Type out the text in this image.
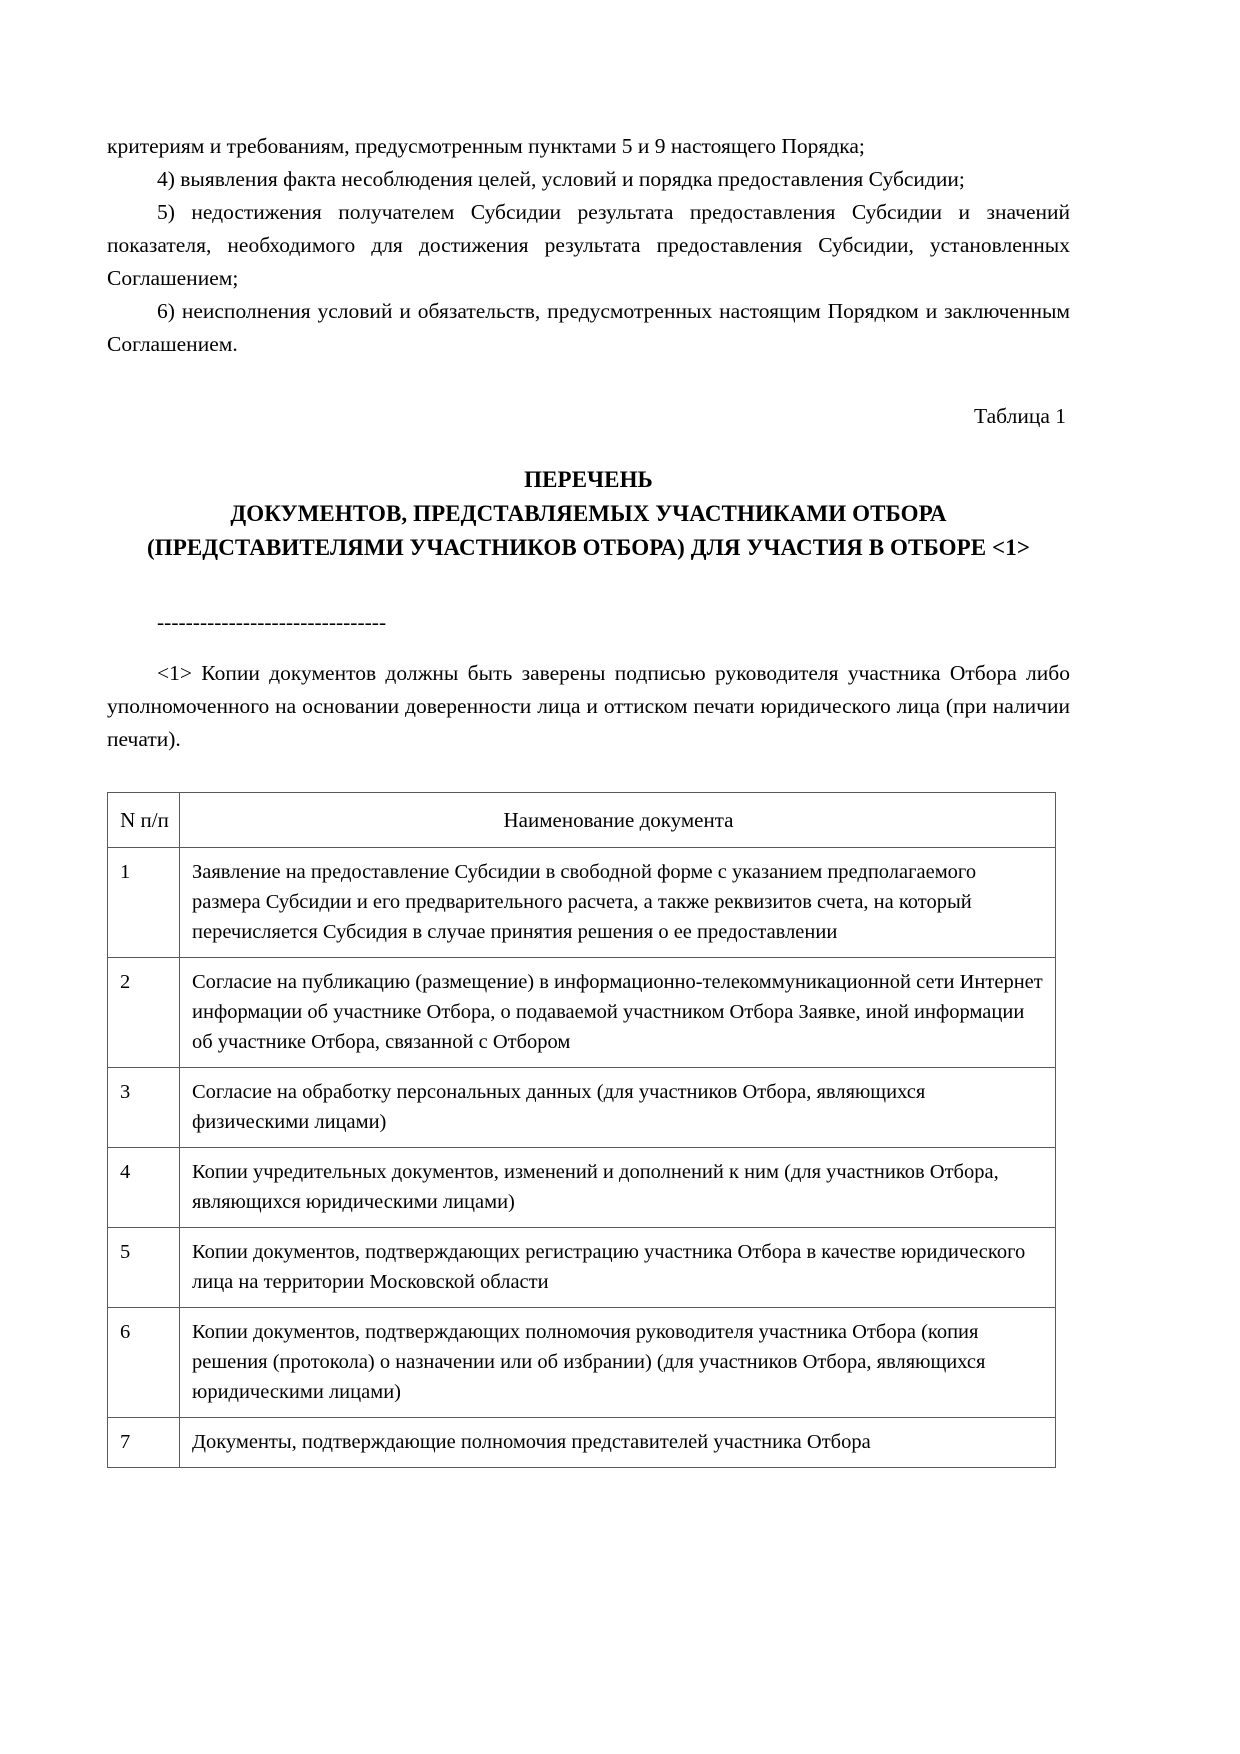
критериям и требованиям, предусмотренным пунктами 5 и 9 настоящего Порядка;

4) выявления факта несоблюдения целей, условий и порядка предоставления Субсидии;

5) недостижения получателем Субсидии результата предоставления Субсидии и значений показателя, необходимого для достижения результата предоставления Субсидии, установленных Соглашением;

6) неисполнения условий и обязательств, предусмотренных настоящим Порядком и заключенным Соглашением.

Таблица 1
ПЕРЕЧЕНЬ
ДОКУМЕНТОВ, ПРЕДСТАВЛЯЕМЫХ УЧАСТНИКАМИ ОТБОРА (ПРЕДСТАВИТЕЛЯМИ УЧАСТНИКОВ ОТБОРА) ДЛЯ УЧАСТИЯ В ОТБОРЕ <1>
--------------------------------

<1> Копии документов должны быть заверены подписью руководителя участника Отбора либо уполномоченного на основании доверенности лица и оттиском печати юридического лица (при наличии печати).

N п/п	Наименование документа
1	Заявление на предоставление Субсидии в свободной форме с указанием предполагаемого размера Субсидии и его предварительного расчета, а также реквизитов счета, на который перечисляется Субсидия в случае принятия решения о ее предоставлении
2	Согласие на публикацию (размещение) в информационно-телекоммуникационной сети Интернет информации об участнике Отбора, о подаваемой участником Отбора Заявке, иной информации об участнике Отбора, связанной с Отбором
3	Согласие на обработку персональных данных (для участников Отбора, являющихся физическими лицами)
4	Копии учредительных документов, изменений и дополнений к ним (для участников Отбора, являющихся юридическими лицами)
5	Копии документов, подтверждающих регистрацию участника Отбора в качестве юридического лица на территории Московской области
6	Копии документов, подтверждающих полномочия руководителя участника Отбора (копия решения (протокола) о назначении или об избрании) (для участников Отбора, являющихся юридическими лицами)
7	Документы, подтверждающие полномочия представителей участника Отбора
